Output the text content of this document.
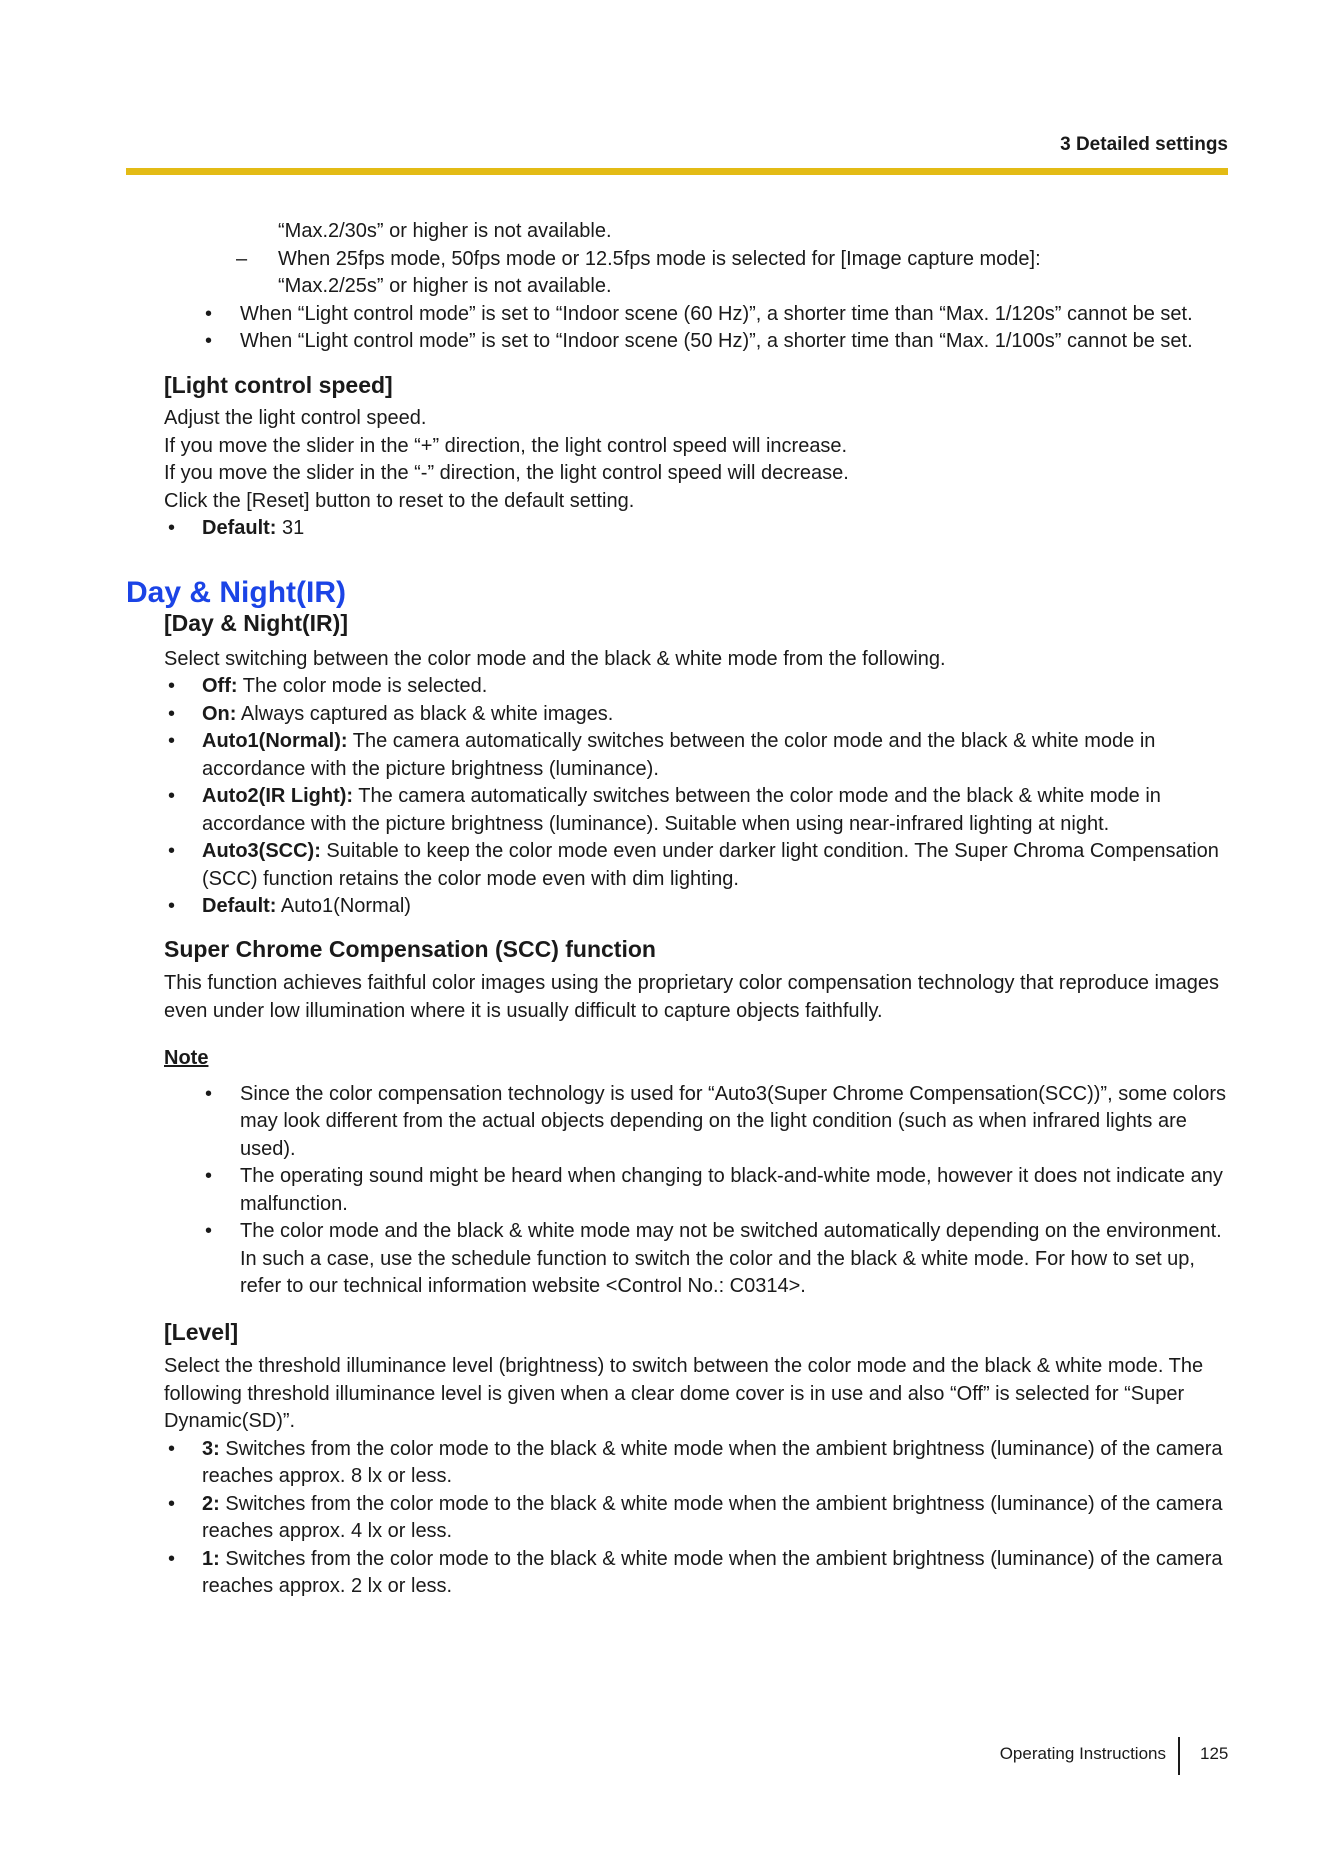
3 Detailed settings

“Max.2/30s” or higher is not available.

– When 25fps mode, 50fps mode or 12.5fps mode is selected for [Image capture mode]:

“Max.2/25s” or higher is not available.

• When “Light control mode” is set to “Indoor scene (60 Hz)”, a shorter time than “Max. 1/120s” cannot be set.
• When “Light control mode” is set to “Indoor scene (50 Hz)”, a shorter time than “Max. 1/100s” cannot be set.
[Light control speed]

Adjust the light control speed.

If you move the slider in the “+” direction, the light control speed will increase.

If you move the slider in the “-” direction, the light control speed will decrease.

Click the [Reset] button to reset to the default setting.

• Default: 31
Day & Night(IR)
[Day & Night(IR)]

Select switching between the color mode and the black & white mode from the following.

• Off: The color mode is selected.
• On: Always captured as black & white images.
• Auto1(Normal): The camera automatically switches between the color mode and the black & white mode in accordance with the picture brightness (luminance).
• Auto2(IR Light): The camera automatically switches between the color mode and the black & white mode in accordance with the picture brightness (luminance). Suitable when using near-infrared lighting at night.
• Auto3(SCC): Suitable to keep the color mode even under darker light condition. The Super Chroma Compensation (SCC) function retains the color mode even with dim lighting.
• Default: Auto1(Normal)
Super Chrome Compensation (SCC) function

This function achieves faithful color images using the proprietary color compensation technology that reproduce images even under low illumination where it is usually difficult to capture objects faithfully.

Note

• Since the color compensation technology is used for “Auto3(Super Chrome Compensation(SCC))”, some colors may look different from the actual objects depending on the light condition (such as when infrared lights are used).
• The operating sound might be heard when changing to black-and-white mode, however it does not indicate any malfunction.
• The color mode and the black & white mode may not be switched automatically depending on the environment. In such a case, use the schedule function to switch the color and the black & white mode. For how to set up, refer to our technical information website <Control No.: C0314>.
[Level]

Select the threshold illuminance level (brightness) to switch between the color mode and the black & white mode. The following threshold illuminance level is given when a clear dome cover is in use and also “Off” is selected for “Super Dynamic(SD)”.

• 3: Switches from the color mode to the black & white mode when the ambient brightness (luminance) of the camera reaches approx. 8 lx or less.
• 2: Switches from the color mode to the black & white mode when the ambient brightness (luminance) of the camera reaches approx. 4 lx or less.
• 1: Switches from the color mode to the black & white mode when the ambient brightness (luminance) of the camera reaches approx. 2 lx or less.
Operating Instructions 125
